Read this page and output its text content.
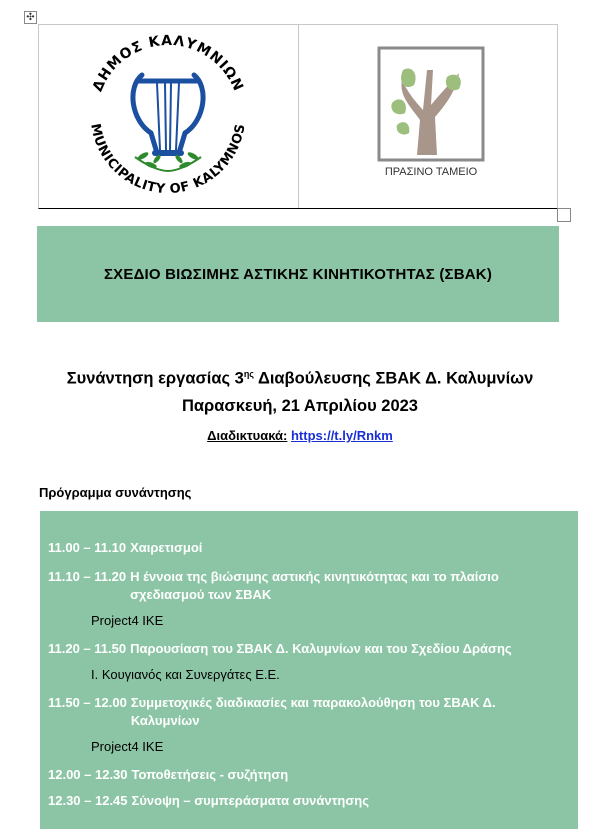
✣
ΔΗΜΟΣ ΚΑΛΥΜΝΙΩΝ
MUNICIPALITY OF KALYMNOS
ΠΡΑΣΙΝΟ ΤΑΜΕΙΟ
ΣΧΕΔΙΟ ΒΙΩΣΙΜΗΣ ΑΣΤΙΚΗΣ ΚΙΝΗΤΙΚΟΤΗΤΑΣ (ΣΒΑΚ)
Συνάντηση εργασίας $3^{\eta\varsigma}$ Διαβούλευσης ΣΒΑΚ Δ. Καλυμνίων
Παρασκευή, 21 Απριλίου 2023
Διαδικτυακά: https://t.ly/Rnkm
Πρόγραμμα συνάντησης
11.00 – 11.10 Χαιρετισμοί
11.10 – 11.20 Η έννοια της βιώσιμης αστικής κινητικότητας και το πλαίσιο σχεδιασμού των ΣΒΑΚ
Project4 ΙΚΕ
11.20 – 11.50 Παρουσίαση του ΣΒΑΚ Δ. Καλυμνίων και του Σχεδίου Δράσης
Ι. Κουγιανός και Συνεργάτες Ε.Ε.
11.50 – 12.00 Συμμετοχικές διαδικασίες και παρακολούθηση του ΣΒΑΚ Δ. Καλυμνίων
Project4 ΙΚΕ
12.00 – 12.30 Τοποθετήσεις - συζήτηση
12.30 – 12.45 Σύνοψη – συμπεράσματα συνάντησης
